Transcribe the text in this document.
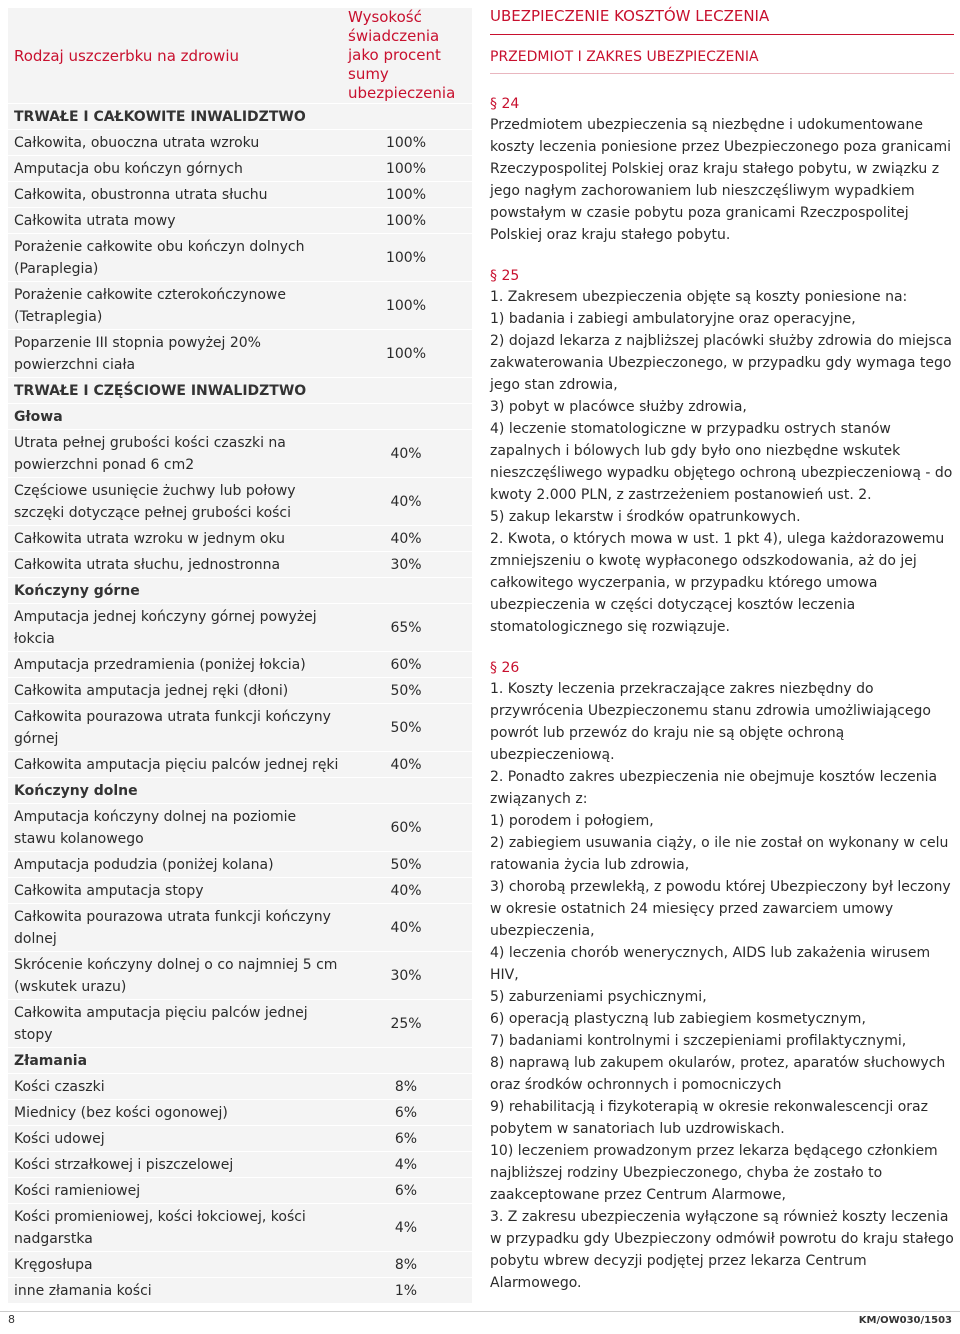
Rodzaj uszczerbku na zdrowiu	Wysokość świadczenia jako procent sumy ubezpieczenia
TRWAŁE I CAŁKOWITE INWALIDZTWO	
Całkowita, obuoczna utrata wzroku	100%
Amputacja obu kończyn górnych	100%
Całkowita, obustronna utrata słuchu	100%
Całkowita utrata mowy	100%
Porażenie całkowite obu kończyn dolnych (Paraplegia)	100%
Porażenie całkowite czterokończynowe (Tetraplegia)	100%
Poparzenie III stopnia powyżej 20% powierzchni ciała	100%
TRWAŁE I CZĘŚCIOWE INWALIDZTWO	
Głowa	
Utrata pełnej grubości kości czaszki na powierzchni ponad 6 cm2	40%
Częściowe usunięcie żuchwy lub połowy szczęki dotyczące pełnej grubości kości	40%
Całkowita utrata wzroku w jednym oku	40%
Całkowita utrata słuchu, jednostronna	30%
Kończyny górne	
Amputacja jednej kończyny górnej powyżej łokcia	65%
Amputacja przedramienia (poniżej łokcia)	60%
Całkowita amputacja jednej ręki (dłoni)	50%
Całkowita pourazowa utrata funkcji kończyny górnej	50%
Całkowita amputacja pięciu palców jednej ręki	40%
Kończyny dolne	
Amputacja kończyny dolnej na poziomie stawu kolanowego	60%
Amputacja podudzia (poniżej kolana)	50%
Całkowita amputacja stopy	40%
Całkowita pourazowa utrata funkcji kończyny dolnej	40%
Skrócenie kończyny dolnej o co najmniej 5 cm (wskutek urazu)	30%
Całkowita amputacja pięciu palców jednej stopy	25%
Złamania	
Kości czaszki	8%
Miednicy (bez kości ogonowej)	6%
Kości udowej	6%
Kości strzałkowej i piszczelowej	4%
Kości ramieniowej	6%
Kości promieniowej, kości łokciowej, kości nadgarstka	4%
Kręgosłupa	8%
inne złamania kości	1%
UBEZPIECZENIE KOSZTÓW LECZENIA
PRZEDMIOT I ZAKRES UBEZPIECZENIA
§ 24
Przedmiotem ubezpieczenia są niezbędne i udokumentowane koszty leczenia poniesione przez Ubezpieczonego poza granicami Rzeczypospolitej Polskiej oraz kraju stałego pobytu, w związku z jego nagłym zachorowaniem lub nieszczęśliwym wypadkiem powstałym w czasie pobytu poza granicami Rzeczpospolitej Polskiej oraz kraju stałego pobytu.
§ 25
1. Zakresem ubezpieczenia objęte są koszty poniesione na:
1) badania i zabiegi ambulatoryjne oraz operacyjne,
2) dojazd lekarza z najbliższej placówki służby zdrowia do miejsca zakwaterowania Ubezpieczonego, w przypadku gdy wymaga tego jego stan zdrowia,
3) pobyt w placówce służby zdrowia,
4) leczenie stomatologiczne w przypadku ostrych stanów zapalnych i bólowych lub gdy było ono niezbędne wskutek nieszczęśliwego wypadku objętego ochroną ubezpieczeniową - do kwoty 2.000 PLN, z zastrzeżeniem postanowień ust. 2.
5) zakup lekarstw i środków opatrunkowych.
2. Kwota, o których mowa w ust. 1 pkt 4), ulega każdorazowemu zmniejszeniu o kwotę wypłaconego odszkodowania, aż do jej całkowitego wyczerpania, w przypadku którego umowa ubezpieczenia w części dotyczącej kosztów leczenia stomatologicznego się rozwiązuje.
§ 26
1. Koszty leczenia przekraczające zakres niezbędny do przywrócenia Ubezpieczonemu stanu zdrowia umożliwiającego powrót lub przewóz do kraju nie są objęte ochroną ubezpieczeniową.
2. Ponadto zakres ubezpieczenia nie obejmuje kosztów leczenia związanych z:
1) porodem i połogiem,
2) zabiegiem usuwania ciąży, o ile nie został on wykonany w celu ratowania życia lub zdrowia,
3) chorobą przewlekłą, z powodu której Ubezpieczony był leczony w okresie ostatnich 24 miesięcy przed zawarciem umowy ubezpieczenia,
4) leczenia chorób wenerycznych, AIDS lub zakażenia wirusem HIV,
5) zaburzeniami psychicznymi,
6) operacją plastyczną lub zabiegiem kosmetycznym,
7) badaniami kontrolnymi i szczepieniami profilaktycznymi,
8) naprawą lub zakupem okularów, protez, aparatów słuchowych oraz środków ochronnych i pomocniczych
9) rehabilitacją i fizykoterapią w okresie rekonwalescencji oraz pobytem w sanatoriach lub uzdrowiskach.
10) leczeniem prowadzonym przez lekarza będącego członkiem najbliższej rodziny Ubezpieczonego, chyba że zostało to zaakceptowane przez Centrum Alarmowe,
3. Z zakresu ubezpieczenia wyłączone są również koszty leczenia w przypadku gdy Ubezpieczony odmówił powrotu do kraju stałego pobytu wbrew decyzji podjętej przez lekarza Centrum Alarmowego.
8	KM/OW030/1503
